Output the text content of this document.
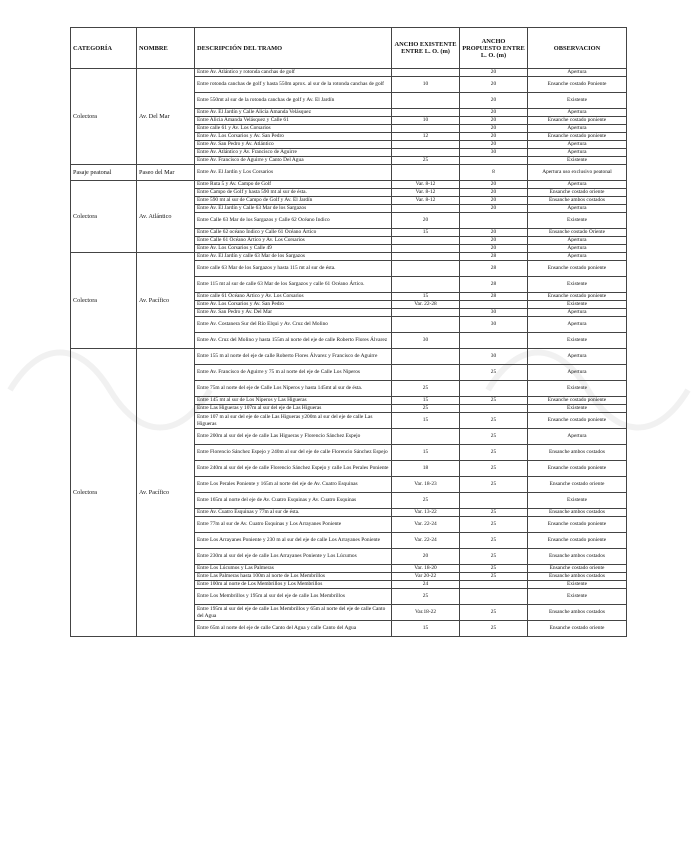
CATEGORÍA	NOMBRE	DESCRIPCIÓN DEL TRAMO	ANCHO EXISTENTE ENTRE L. O. (m)	ANCHO PROPUESTO ENTRE L. O. (m)	OBSERVACION
Colectora	Av. Del Mar	Entre Av. Atlántico y rotonda canchas de golf		20	Apertura
		Entre rotonda canchas de golf y hasta 550m aprox. al sur de la rotonda canchas de golf	10	20	Ensanche costado Poniente
		Entre 550mt al sur de la rotonda canchas de golf y Av. El Jardín		20	Existente
		Entre Av. El Jardín y Calle Alicia Amanda Velásquez		20	Apertura
		Entre Alicia Amanda Velásquez y Calle 61	10	20	Ensanche costado poniente
		Entre calle 61 y Av. Los Corsarios		20	Apertura
		Entre Av. Los Corsarios y Av. San Pedro	12	20	Ensanche costado poniente
		Entre Av. San Pedro y Av. Atlántico		20	Apertura
		Entre Av. Atlántico y Av. Francisco de Aguirre		30	Apertura
		Entre Av. Francisco de Aguirre y Canto Del Agua	25		Existente
Pasaje peatonal	Paseo del Mar	Entre Av. El Jardín y Los Corsarios		8	Apertura uso exclusivo peatonal
Colectora	Av. Atlántico	Entre Ruta 5 y Av. Campo de Golf	Var. 8-12	20	Apertura
		Entre Campo de Golf y hasta 590 mt al sur de ésta.	Var. 8-12	20	Ensanche costado oriente
		Entre 590 mt al sur de Campo de Golf y Av. El Jardín	Var. 8-12	20	Ensanche ambos costados
		Entre Av. El Jardín y Calle 63 Mar de los Sargazos		20	Apertura
		Entre Calle 63 Mar de los Sargazos y Calle 62 Océano Indico	20		Existente
		Entre Calle 62 océano Indico y Calle 61 Océano Ártico	15	20	Ensanche costado Oriente
		Entre Calle 61 Océano Ártico y Av. Los Corsarios		20	Apertura
		Entre Av. Los Corsarios y Calle 49		20	Apertura
Colectora	Av. Pacífico	Entre Av. El Jardín y calle 63 Mar de los Sargazos		28	Apertura
		Entre calle 63 Mar de los Sargazos y hasta 115 mt al sur de ésta.		28	Ensanche costado poniente
		Entre 115 mt al sur de calle 63 Mar de los Sargazos y calle 61 Océano Ártico.		28	Existente
		Entre calle 61 Océano Ártico y Av. Los Corsarios	15	28	Ensanche costado poniente
		Entre Av. Los Corsarios y Av. San Pedro	Var. 22-28		Existente
		Entre Av. San Pedro y Av. Del Mar		30	Apertura
		Entre Av. Costanera Sur del Río Elqui y Av. Cruz del Molino		30	Apertura
		Entre Av. Cruz del Molino y hasta 155m al norte del eje de calle Roberto Flores Álvarez	30		Existente
Colectora	Av. Pacífico	Entre 155 m al norte del eje de calle Roberto Flores Álvarez y Francisco de Aguirre		30	Apertura
		Entre Av. Francisco de Aguirre y 75 m al norte del eje de Calle Los Niperos		25	Apertura
		Entre 75m al norte del eje de Calle Los Niperos y hasta 145mt al sur de ésta.	25		Existente
		Entre 145 mt al sur de Los Niperos y Las Higueras	15	25	Ensanche costado poniente
		Entre Las Higueras y 107m al sur del eje de Las Higueras	25		Existente
		Entre 107 m al sur del eje de calle Las Higueras y200m al sur del eje de calle Las Higueras	15	25	Ensanche costado poniente
		Entre 200m al sur del eje de calle Las Higueras y Florencio Sánchez Espejo		25	Apertura
		Entre Florencio Sánchez Espejo y 240m al sur del eje de calle Florencio Sánchez Espejo	15	25	Ensanche ambos costados
		Entre 240m al sur del eje de calle Florencio Sánchez Espejo y calle Los Perales Poniente	18	25	Ensanche costado poniente
		Entre Los Perales Poniente y 165m al norte del eje de Av. Cuatro Esquinas	Var. 18-23	25	Ensanche costado oriente
		Entre 165m al norte del eje de Av. Cuatro Esquinas y Av. Cuatro Esquinas	25		Existente
		Entre Av. Cuatro Esquinas y 77m al sur de ésta.	Var. 13-22	25	Ensanche ambos costados
		Entre 77m al sur de Av. Cuatro Esquinas y Los Arrayanes Poniente	Var. 22-24	25	Ensanche costado poniente
		Entre Los Arrayanes Poniente y 230 m al sur del eje de calle Los Arrayanes Poniente	Var. 22-24	25	Ensanche costado poniente
		Entre 230m al sur del eje de calle Los Arrayanes Poniente y Los Lúcumos	20	25	Ensanche ambos costados
		Entre Los Lúcumos y Las Palmeras	Var. 18-20	25	Ensanche costado oriente
		Entre Las Palmeras hasta 100m al norte de Los Membrillos	Var 20-22	25	Ensanche ambos costados
		Entre 100m al norte de Los Membrillos y Los Membrillos	24		Existente
		Entre Los Membrillos y 195m al sur del eje de calle Los Membrillos	25		Existente
		Entre 195m al sur del eje de calle Los Membrillos y 65m al norte del eje de calle Canto del Agua	Var.18-22	25	Ensanche ambos costados
		Entre 65m al norte del eje de calle Canto del Agua y calle Canto del Agua	15	25	Ensanche costado oriente
